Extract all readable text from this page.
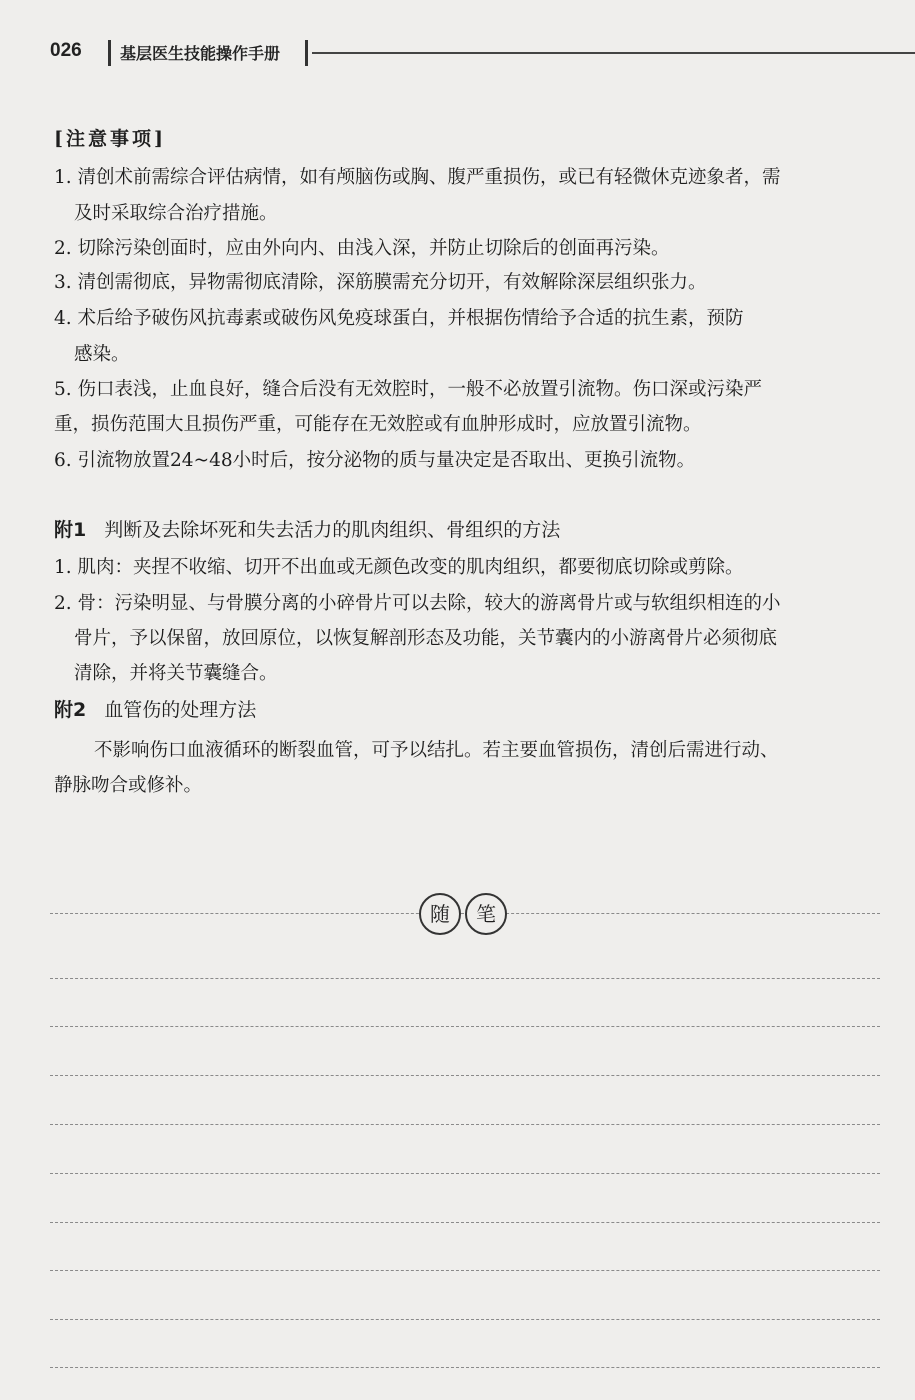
026 基层医生技能操作手册
[注意事项]
1. 清创术前需综合评估病情，如有颅脑伤或胸、腹严重损伤，或已有轻微休克迹象者，需
及时采取综合治疗措施。
2. 切除污染创面时，应由外向内、由浅入深，并防止切除后的创面再污染。
3. 清创需彻底，异物需彻底清除，深筋膜需充分切开，有效解除深层组织张力。
4. 术后给予破伤风抗毒素或破伤风免疫球蛋白，并根据伤情给予合适的抗生素，预防
感染。
5. 伤口表浅，止血良好，缝合后没有无效腔时，一般不必放置引流物。伤口深或污染严
重，损伤范围大且损伤严重，可能存在无效腔或有血肿形成时，应放置引流物。
6. 引流物放置24~48小时后，按分泌物的质与量决定是否取出、更换引流物。
附1 判断及去除坏死和失去活力的肌肉组织、骨组织的方法
1. 肌肉：夹捏不收缩、切开不出血或无颜色改变的肌肉组织，都要彻底切除或剪除。
2. 骨：污染明显、与骨膜分离的小碎骨片可以去除，较大的游离骨片或与软组织相连的小
骨片，予以保留，放回原位，以恢复解剖形态及功能，关节囊内的小游离骨片必须彻底
清除，并将关节囊缝合。
附2 血管伤的处理方法
不影响伤口血液循环的断裂血管，可予以结扎。若主要血管损伤，清创后需进行动、
静脉吻合或修补。
随	笔
